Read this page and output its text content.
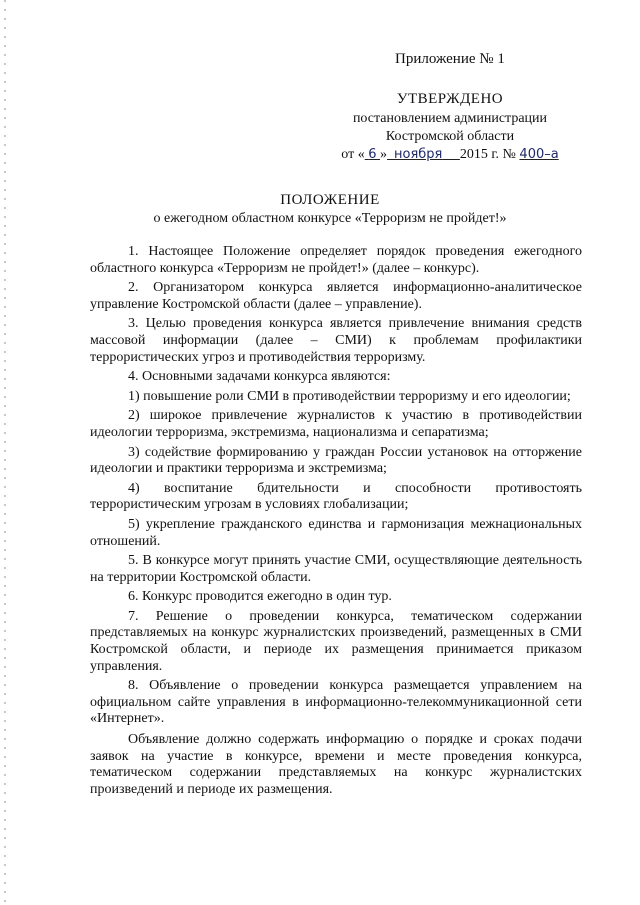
Приложение № 1
УТВЕРЖДЕНО
постановлением администрации
Костромской области
от « 6 » ноября 2015 г. № 400–а
ПОЛОЖЕНИЕ
о ежегодном областном конкурсе «Терроризм не пройдет!»

1. Настоящее Положение определяет порядок проведения ежегодного областного конкурса «Терроризм не пройдет!» (далее – конкурс).

2. Организатором конкурса является информационно-аналитическое управление Костромской области (далее – управление).

3. Целью проведения конкурса является привлечение внимания средств массовой информации (далее – СМИ) к проблемам профилактики террористических угроз и противодействия терроризму.

4. Основными задачами конкурса являются:

1) повышение роли СМИ в противодействии терроризму и его идеологии;

2) широкое привлечение журналистов к участию в противодействии идеологии терроризма, экстремизма, национализма и сепаратизма;

3) содействие формированию у граждан России установок на отторжение идеологии и практики терроризма и экстремизма;

4) воспитание бдительности и способности противостоять террористическим угрозам в условиях глобализации;

5) укрепление гражданского единства и гармонизация межнациональных отношений.

5. В конкурсе могут принять участие СМИ, осуществляющие деятельность на территории Костромской области.

6. Конкурс проводится ежегодно в один тур.

7. Решение о проведении конкурса, тематическом содержании представляемых на конкурс журналистских произведений, размещенных в СМИ Костромской области, и периоде их размещения принимается приказом управления.

8. Объявление о проведении конкурса размещается управлением на официальном сайте управления в информационно-телекоммуникационной сети «Интернет».

Объявление должно содержать информацию о порядке и сроках подачи заявок на участие в конкурсе, времени и месте проведения конкурса, тематическом содержании представляемых на конкурс журналистских произведений и периоде их размещения.
